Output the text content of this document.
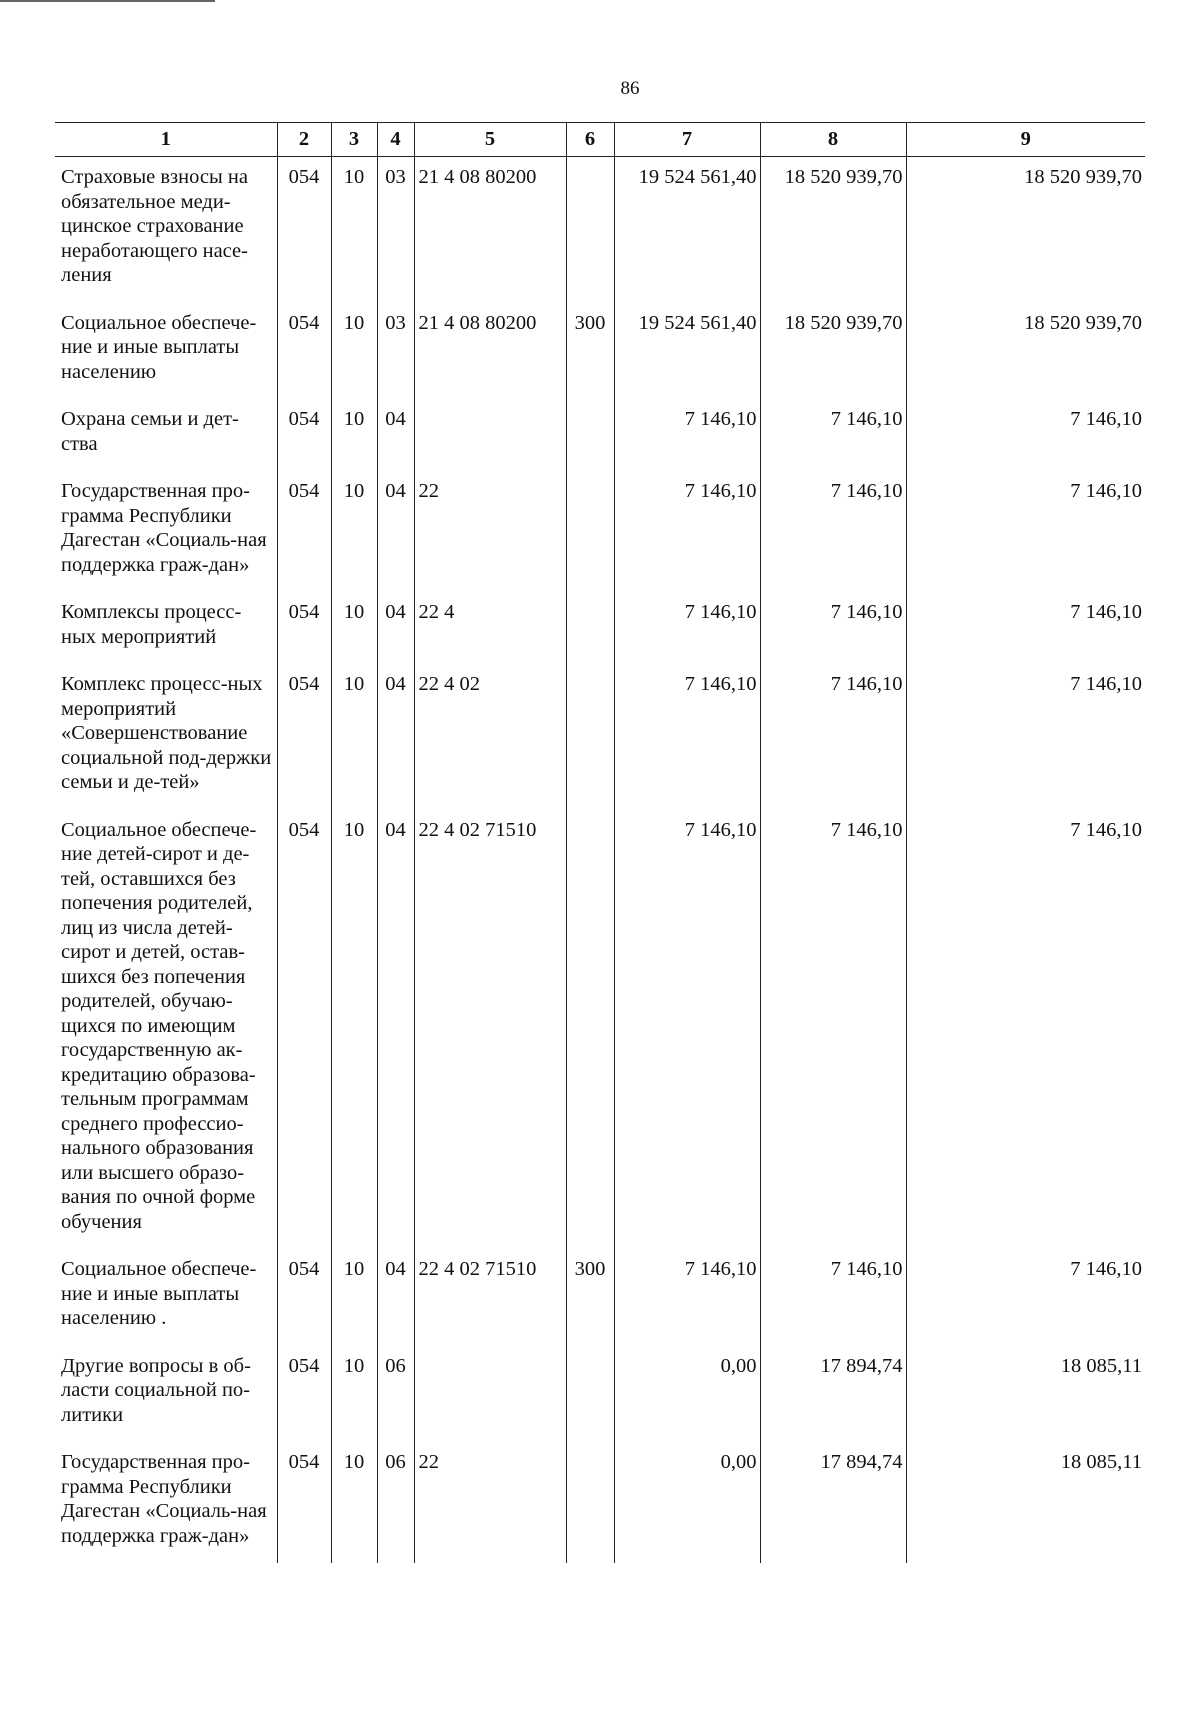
86
1	2	3	4	5	6	7	8	9

Страховые взносы на обязательное меди-цинское страхование неработающего насе-ления	054	10	03	21 4 08 80200		19 524 561,40	18 520 939,70	18 520 939,70

Социальное обеспече-ние и иные выплаты населению	054	10	03	21 4 08 80200	300	19 524 561,40	18 520 939,70	18 520 939,70

Охрана семьи и дет-ства	054	10	04			7 146,10	7 146,10	7 146,10

Государственная про-грамма Республики Дагестан «Социаль-ная поддержка граж-дан»	054	10	04	22		7 146,10	7 146,10	7 146,10

Комплексы процесс-ных мероприятий	054	10	04	22 4		7 146,10	7 146,10	7 146,10

Комплекс процесс-ных мероприятий «Совершенствование социальной под-держки семьи и де-тей»	054	10	04	22 4 02		7 146,10	7 146,10	7 146,10

Социальное обеспече-ние детей-сирот и де-тей, оставшихся без попечения родителей, лиц из числа детей-сирот и детей, остав-шихся без попечения родителей, обучаю-щихся по имеющим государственную ак-кредитацию образова-тельным программам среднего профессио-нального образования или высшего образо-вания по очной форме обучения	054	10	04	22 4 02 71510		7 146,10	7 146,10	7 146,10

Социальное обеспече-ние и иные выплаты населению .	054	10	04	22 4 02 71510	300	7 146,10	7 146,10	7 146,10

Другие вопросы в об-ласти социальной по-литики	054	10	06			0,00	17 894,74	18 085,11

Государственная про-грамма Республики Дагестан «Социаль-ная поддержка граж-дан»	054	10	06	22		0,00	17 894,74	18 085,11
